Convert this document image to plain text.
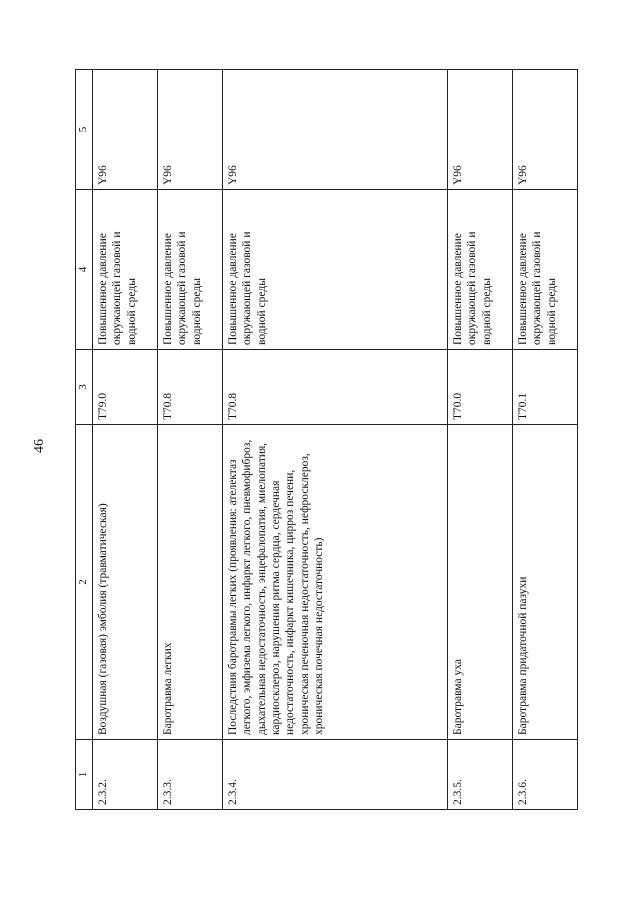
46
1	2	3	4	5
2.3.2.	Воздушная (газовая) эмболия (травматическая)	T79.0	Повышенное давление окружающей газовой и водной среды	Y96
2.3.3.	Баротравма легких	T70.8	Повышенное давление окружающей газовой и водной среды	Y96
2.3.4.	Последствия баротравмы легких (проявления: ателектаз легкого, эмфизема легкого, инфаркт легкого, пневмофиброз, дыхательная недостаточность, энцефалопатия, миелопатия, кардиосклероз, нарушения ритма сердца, сердечная недостаточность, инфаркт кишечника, цирроз печени, хроническая печеночная недостаточность, нефросклероз, хроническая почечная недостаточность)	T70.8	Повышенное давление окружающей газовой и водной среды	Y96
2.3.5.	Баротравма уха	T70.0	Повышенное давление окружающей газовой и водной среды	Y96
2.3.6.	Баротравма придаточной пазухи	T70.1	Повышенное давление окружающей газовой и водной среды	Y96
